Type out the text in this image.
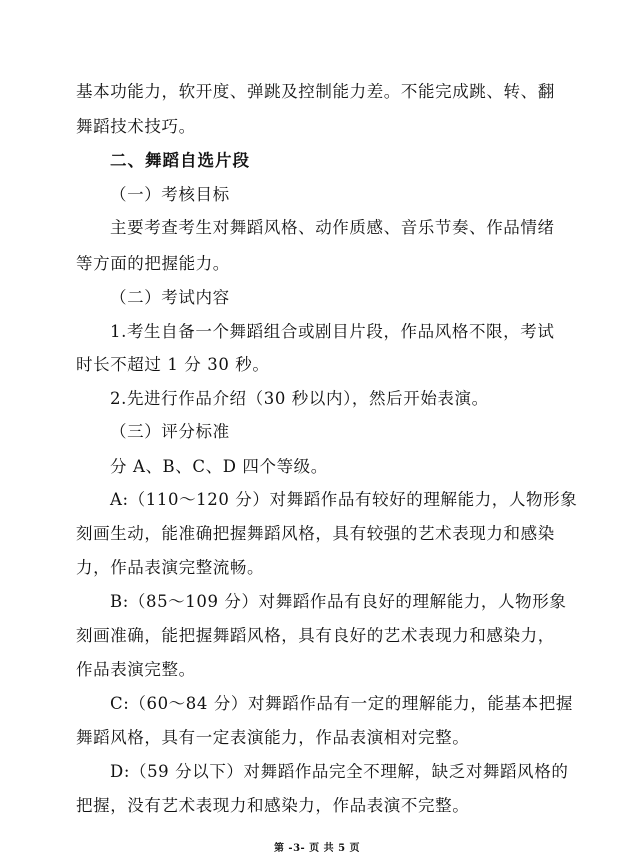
基本功能力，软开度、弹跳及控制能力差。不能完成跳、转、翻
舞蹈技术技巧。
二、舞蹈自选片段
（一）考核目标
主要考查考生对舞蹈风格、动作质感、音乐节奏、作品情绪
等方面的把握能力。
（二）考试内容
1.考生自备一个舞蹈组合或剧目片段，作品风格不限，考试
时长不超过 1 分 30 秒。
2.先进行作品介绍（30 秒以内），然后开始表演。
（三）评分标准
分 A、B、C、D 四个等级。
A:（110～120 分）对舞蹈作品有较好的理解能力，人物形象
刻画生动，能准确把握舞蹈风格，具有较强的艺术表现力和感染
力，作品表演完整流畅。
B:（85～109 分）对舞蹈作品有良好的理解能力，人物形象
刻画准确，能把握舞蹈风格，具有良好的艺术表现力和感染力，
作品表演完整。
C:（60～84 分）对舞蹈作品有一定的理解能力，能基本把握
舞蹈风格，具有一定表演能力，作品表演相对完整。
D:（59 分以下）对舞蹈作品完全不理解，缺乏对舞蹈风格的
把握，没有艺术表现力和感染力，作品表演不完整。
第 -3- 页 共 5 页
